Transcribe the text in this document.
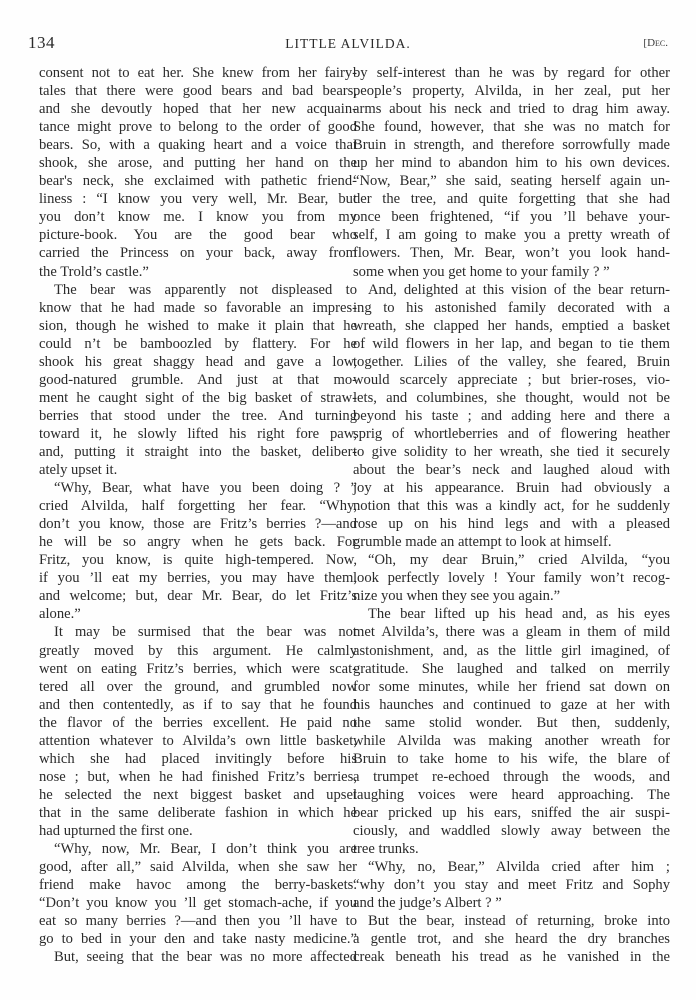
134	LITTLE ALVILDA.	[Dec.
consent not to eat her. She knew from her fairy-
tales that there were good bears and bad bears,
and she devoutly hoped that her new acquain-
tance might prove to belong to the order of good
bears. So, with a quaking heart and a voice that
shook, she arose, and putting her hand on the
bear's neck, she exclaimed with pathetic friend-
liness : “I know you very well, Mr. Bear, but
you don’t know me. I know you from my
picture-book. You are the good bear who
carried the Princess on your back, away from
the Trold’s castle.”
The bear was apparently not displeased to
know that he had made so favorable an impres-
sion, though he wished to make it plain that he
could n’t be bamboozled by flattery. For he
shook his great shaggy head and gave a low,
good-natured grumble. And just at that mo-
ment he caught sight of the big basket of straw-
berries that stood under the tree. And turning
toward it, he slowly lifted his right fore paw,
and, putting it straight into the basket, deliber-
ately upset it.
“Why, Bear, what have you been doing ? ”
cried Alvilda, half forgetting her fear. “Why,
don’t you know, those are Fritz’s berries ?—and
he will be so angry when he gets back. For
Fritz, you know, is quite high-tempered. Now,
if you ’ll eat my berries, you may have them,
and welcome; but, dear Mr. Bear, do let Fritz’s
alone.”
It may be surmised that the bear was not
greatly moved by this argument. He calmly
went on eating Fritz’s berries, which were scat-
tered all over the ground, and grumbled now
and then contentedly, as if to say that he found
the flavor of the berries excellent. He paid no
attention whatever to Alvilda’s own little basket,
which she had placed invitingly before his
nose ; but, when he had finished Fritz’s berries,
he selected the next biggest basket and upset
that in the same deliberate fashion in which he
had upturned the first one.
“Why, now, Mr. Bear, I don’t think you are
good, after all,” said Alvilda, when she saw her
friend make havoc among the berry-baskets.
“Don’t you know you ’ll get stomach-ache, if you
eat so many berries ?—and then you ’ll have to
go to bed in your den and take nasty medicine.”
But, seeing that the bear was no more affected
by self-interest than he was by regard for other
people’s property, Alvilda, in her zeal, put her
arms about his neck and tried to drag him away.
She found, however, that she was no match for
Bruin in strength, and therefore sorrowfully made
up her mind to abandon him to his own devices.
“Now, Bear,” she said, seating herself again un-
der the tree, and quite forgetting that she had
once been frightened, “if you ’ll behave your-
self, I am going to make you a pretty wreath of
flowers. Then, Mr. Bear, won’t you look hand-
some when you get home to your family ? ”
And, delighted at this vision of the bear return-
ing to his astonished family decorated with a
wreath, she clapped her hands, emptied a basket
of wild flowers in her lap, and began to tie them
together. Lilies of the valley, she feared, Bruin
would scarcely appreciate ; but brier-roses, vio-
lets, and columbines, she thought, would not be
beyond his taste ; and adding here and there a
sprig of whortleberries and of flowering heather
to give solidity to her wreath, she tied it securely
about the bear’s neck and laughed aloud with
joy at his appearance. Bruin had obviously a
notion that this was a kindly act, for he suddenly
rose up on his hind legs and with a pleased
grumble made an attempt to look at himself.
“Oh, my dear Bruin,” cried Alvilda, “you
look perfectly lovely ! Your family won’t recog-
nize you when they see you again.”
The bear lifted up his head and, as his eyes
met Alvilda’s, there was a gleam in them of mild
astonishment, and, as the little girl imagined, of
gratitude. She laughed and talked on merrily
for some minutes, while her friend sat down on
his haunches and continued to gaze at her with
the same stolid wonder. But then, suddenly,
while Alvilda was making another wreath for
Bruin to take home to his wife, the blare of
a trumpet re-echoed through the woods, and
laughing voices were heard approaching. The
bear pricked up his ears, sniffed the air suspi-
ciously, and waddled slowly away between the
tree trunks.
“Why, no, Bear,” Alvilda cried after him ;
“why don’t you stay and meet Fritz and Sophy
and the judge’s Albert ? ”
But the bear, instead of returning, broke into
a gentle trot, and she heard the dry branches
creak beneath his tread as he vanished in the
